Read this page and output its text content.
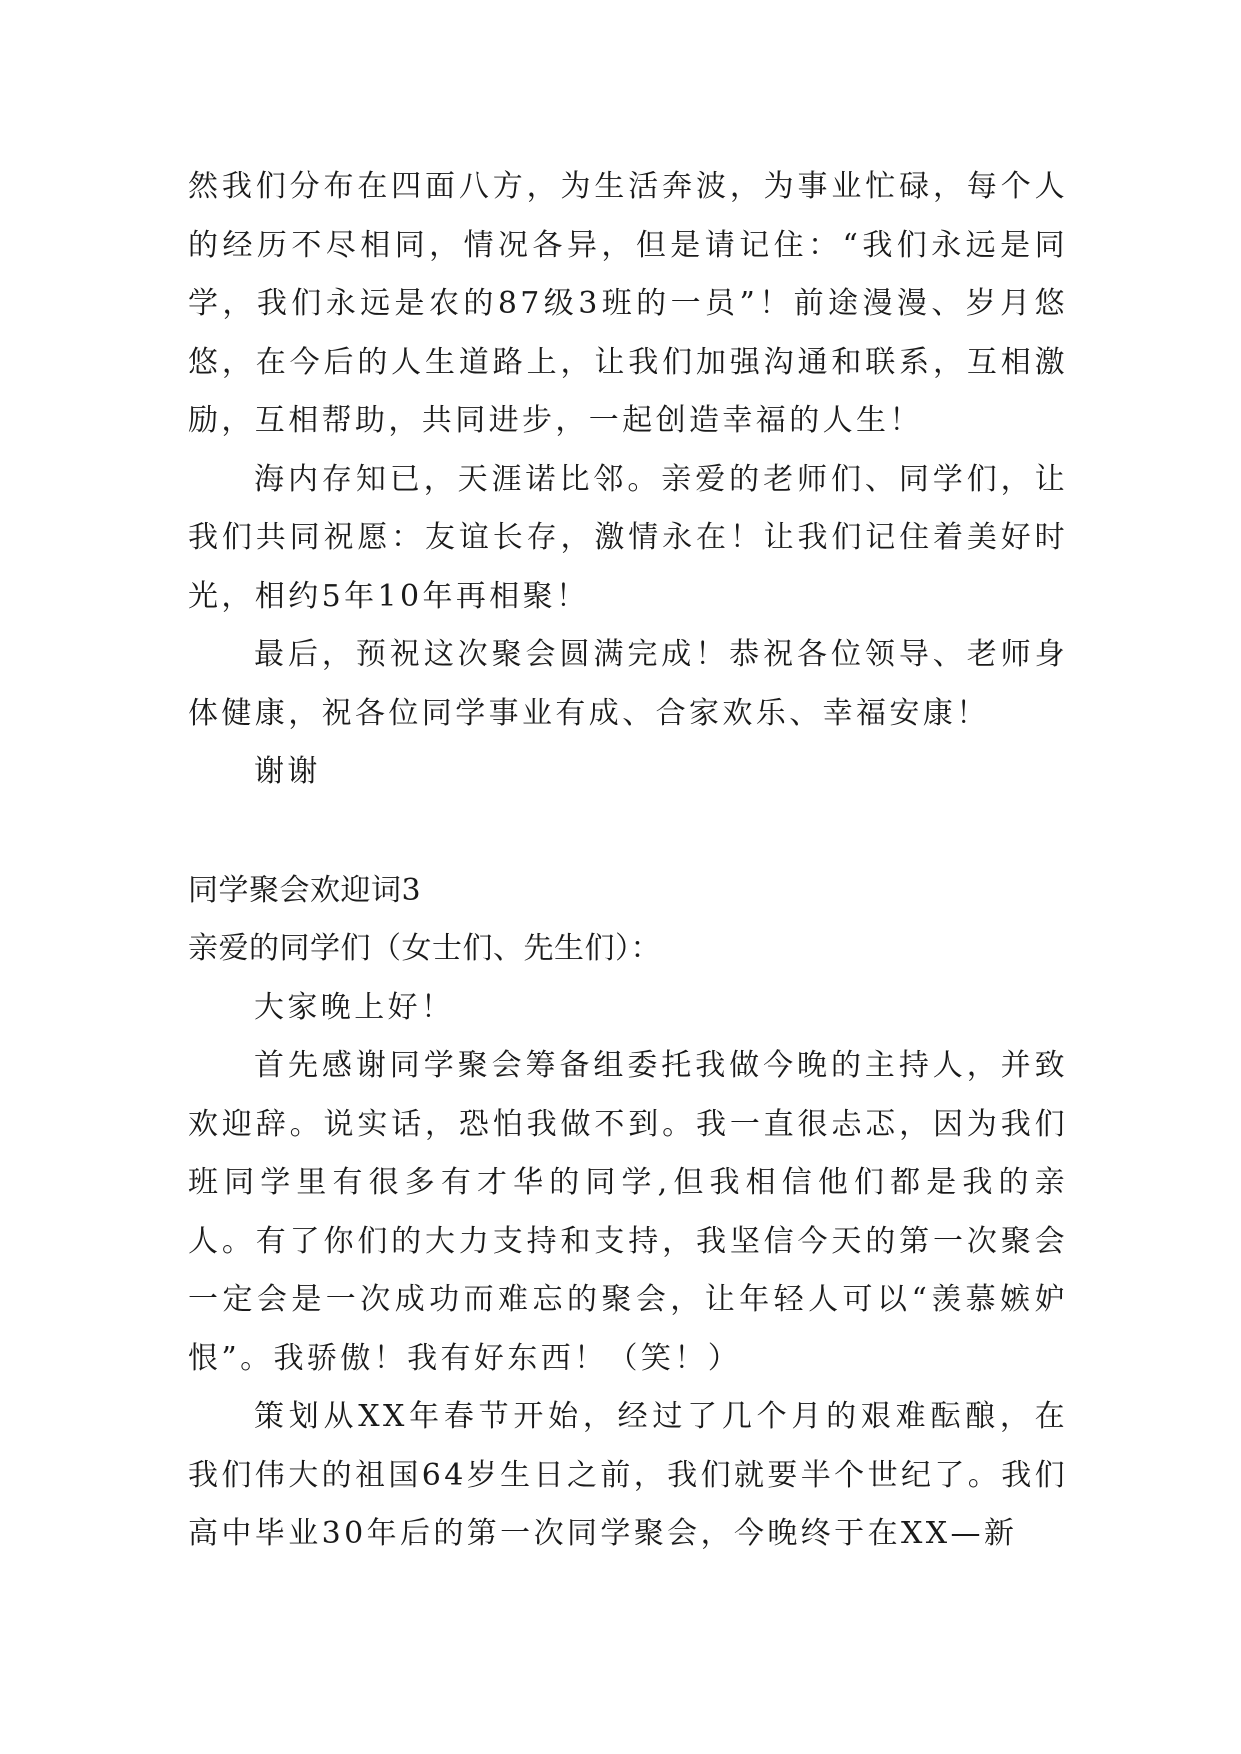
然我们分布在四面八方，为生活奔波，为事业忙碌，每个人的经历不尽相同，情况各异，但是请记住：“我们永远是同学，我们永远是农的87级3班的一员”！前途漫漫、岁月悠悠，在今后的人生道路上，让我们加强沟通和联系，互相激励，互相帮助，共同进步，一起创造幸福的人生！

海内存知已，天涯诺比邻。亲爱的老师们、同学们，让我们共同祝愿：友谊长存，激情永在！让我们记住着美好时光，相约5年10年再相聚！

最后，预祝这次聚会圆满完成！恭祝各位领导、老师身体健康，祝各位同学事业有成、合家欢乐、幸福安康！

谢谢

同学聚会欢迎词3

亲爱的同学们（女士们、先生们）：

大家晚上好！

首先感谢同学聚会筹备组委托我做今晚的主持人，并致欢迎辞。说实话，恐怕我做不到。我一直很忐忑，因为我们班同学里有很多有才华的同学,但我相信他们都是我的亲人。有了你们的大力支持和支持，我坚信今天的第一次聚会一定会是一次成功而难忘的聚会，让年轻人可以“羡慕嫉妒恨”。我骄傲！我有好东西！（笑！）

策划从XX年春节开始，经过了几个月的艰难酝酿，在我们伟大的祖国64岁生日之前，我们就要半个世纪了。我们高中毕业30年后的第一次同学聚会，今晚终于在XX—新
